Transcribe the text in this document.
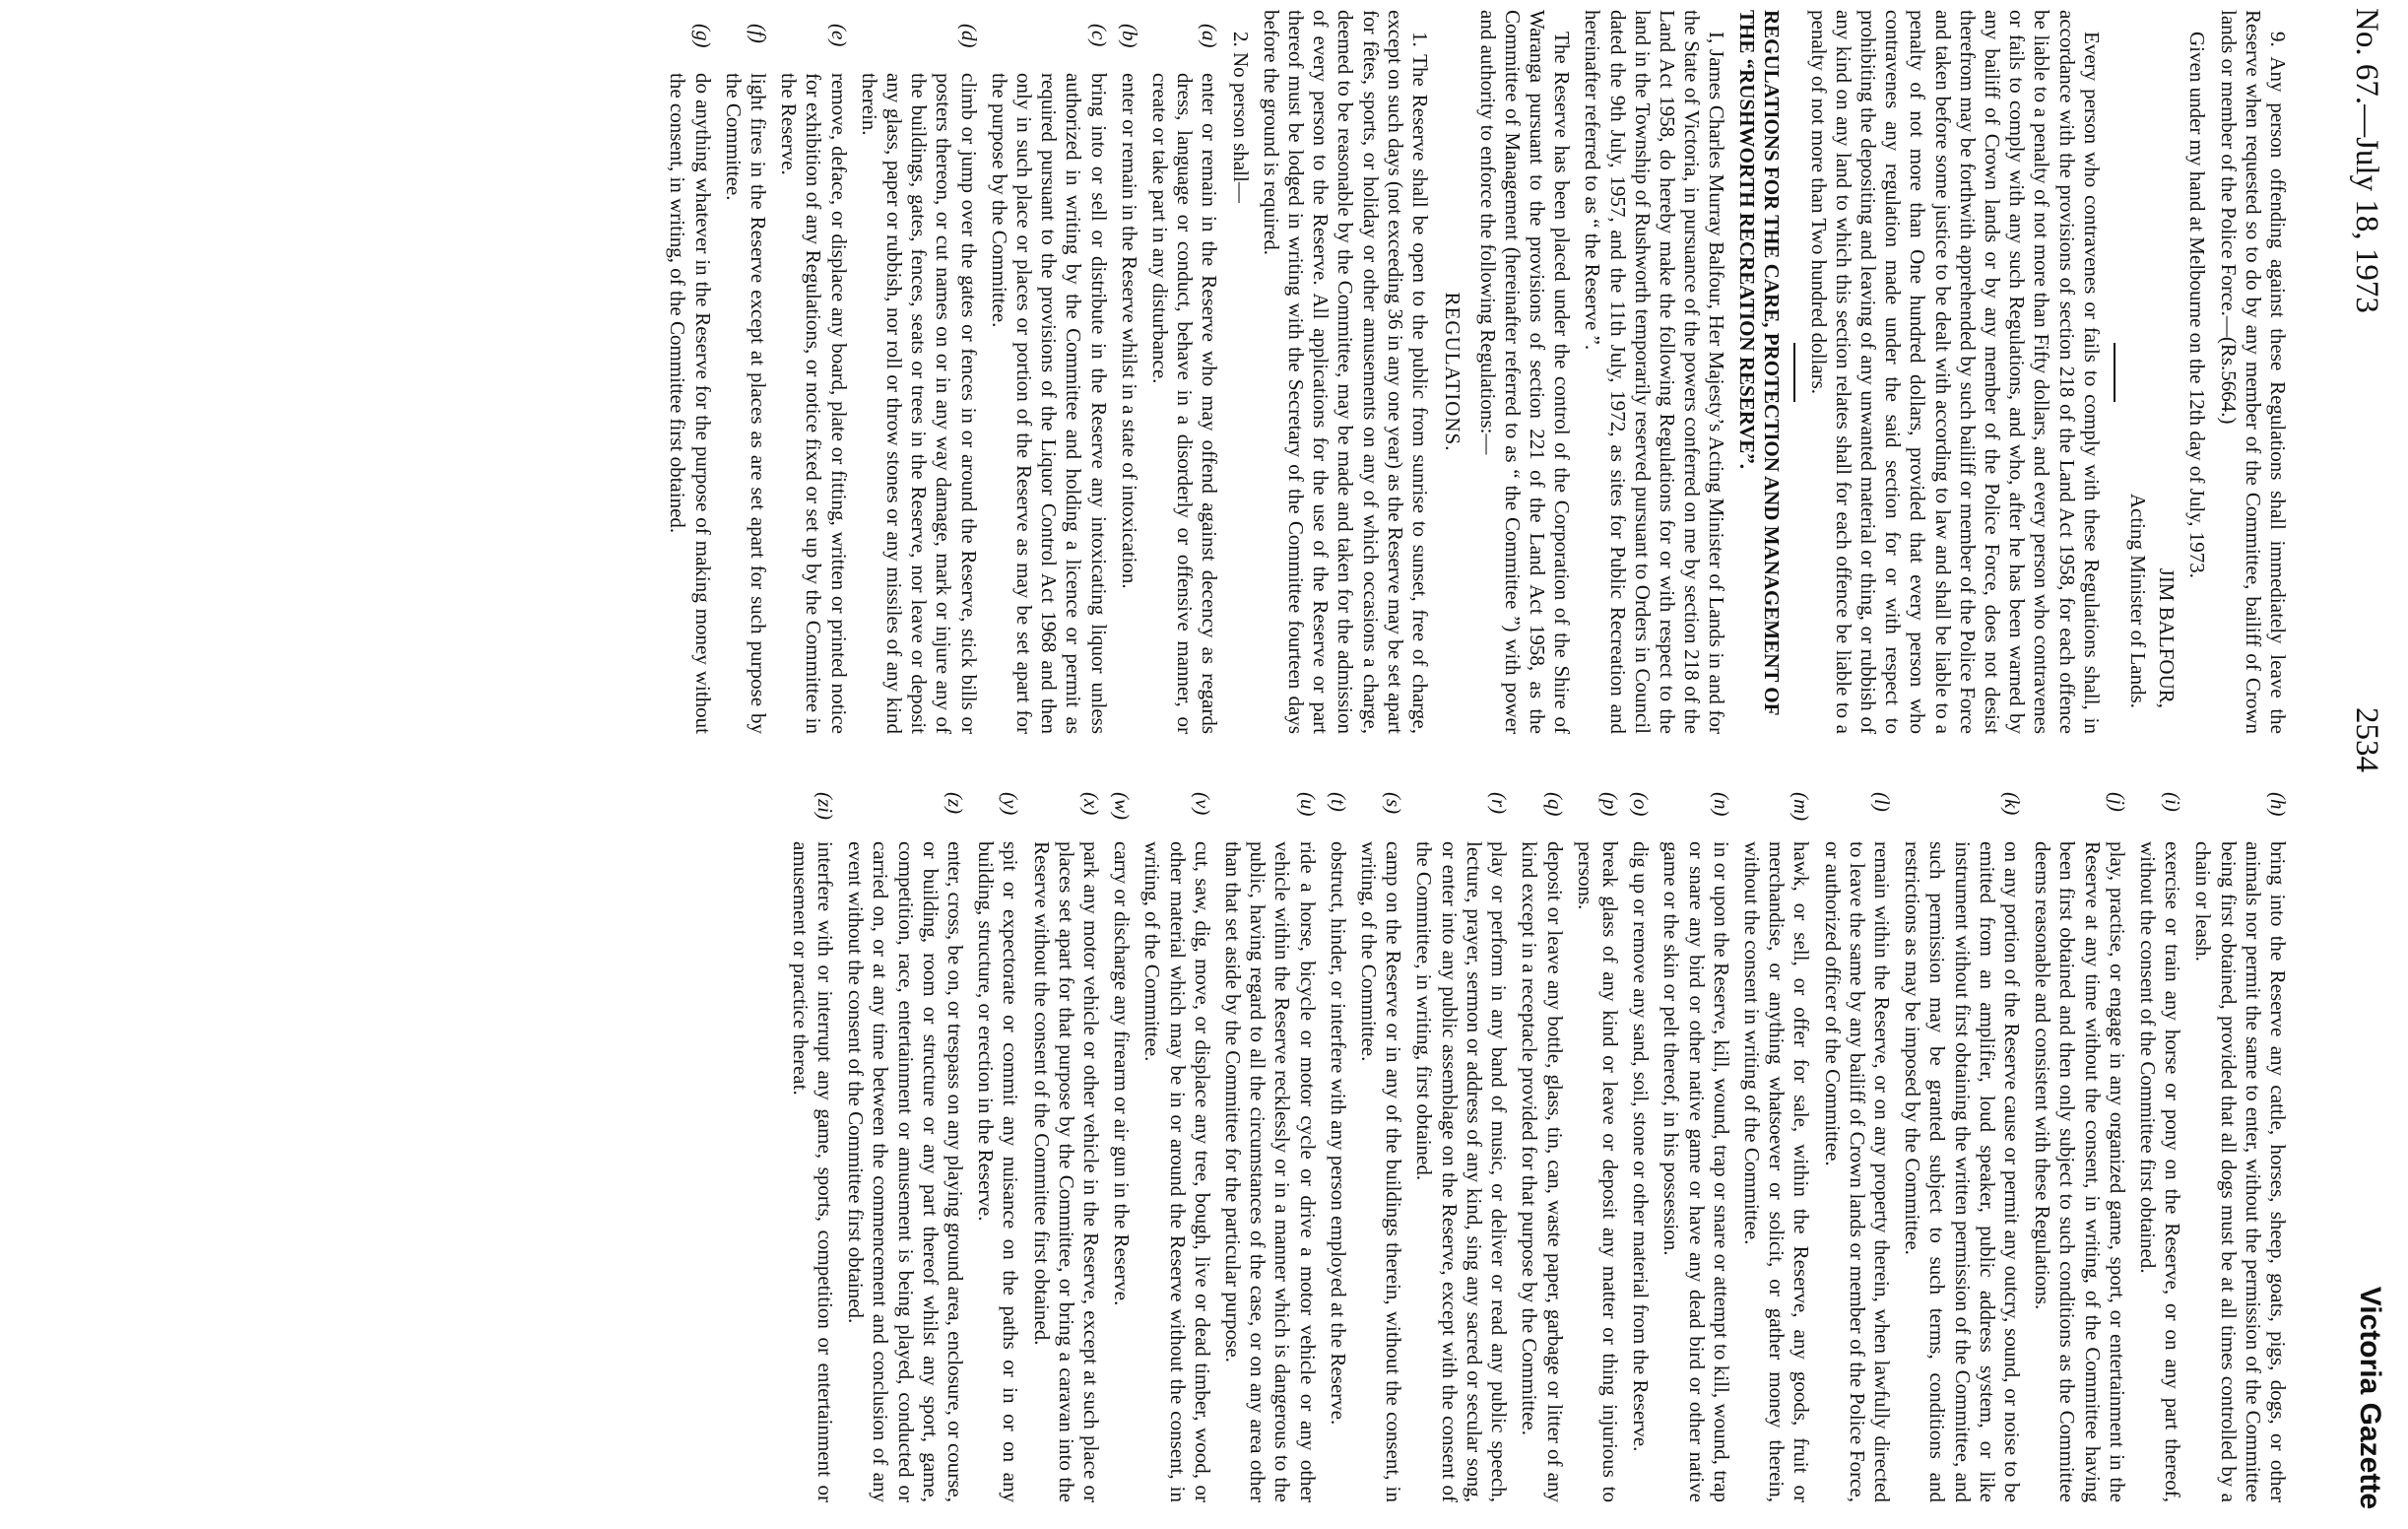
No. 67.—July 18, 1973
2534
Victoria Gazette

9. Any person offending against these Regulations shall immediately leave the Reserve when requested so to do by any member of the Committee, bailiff of Crown lands or member of the Police Force.—(Rs.5664.)

Given under my hand at Melbourne on the 12th day of July, 1973.

JIM BALFOUR,

Acting Minister of Lands.

Every person who contravenes or fails to comply with these Regulations shall, in accordance with the provisions of section 218 of the Land Act 1958, for each offence be liable to a penalty of not more than Fifty dollars, and every person who contravenes or fails to comply with any such Regulations, and who, after he has been warned by any bailiff of Crown lands or by any member of the Police Force, does not desist therefrom may be forthwith apprehended by such bailiff or member of the Police Force and taken before some justice to be dealt with according to law and shall be liable to a penalty of not more than One hundred dollars, provided that every person who contravenes any regulation made under the said section for or with respect to prohibiting the depositing and leaving of any unwanted material or thing, or rubbish of any kind on any land to which this section relates shall for each offence be liable to a penalty of not more than Two hundred dollars.

REGULATIONS FOR THE CARE, PROTECTION AND MANAGEMENT OF THE “RUSHWORTH RECREATION RESERVE”.

I, James Charles Murray Balfour, Her Majesty’s Acting Minister of Lands in and for the State of Victoria, in pursuance of the powers conferred on me by section 218 of the Land Act 1958, do hereby make the following Regulations for or with respect to the land in the Township of Rushworth temporarily reserved pursuant to Orders in Council dated the 9th July, 1957, and the 11th July, 1972, as sites for Public Recreation and hereinafter referred to as “ the Reserve ”.

The Reserve has been placed under the control of the Corporation of the Shire of Waranga pursuant to the provisions of section 221 of the Land Act 1958, as the Committee of Management (hereinafter referred to as “ the Committee ”) with power and authority to enforce the following Regulations:—

REGULATIONS.

1. The Reserve shall be open to the public from sunrise to sunset, free of charge, except on such days (not exceeding 36 in any one year) as the Reserve may be set apart for fêtes, sports, or holiday or other amusements on any of which occasions a charge, deemed to be reasonable by the Committee, may be made and taken for the admission of every person to the Reserve. All applications for the use of the Reserve or part thereof must be lodged in writing with the Secretary of the Committee fourteen days before the ground is required.

2. No person shall—

(a)
enter or remain in the Reserve who may offend against decency as regards dress, language or conduct, behave in a disorderly or offensive manner, or create or take part in any disturbance.
(b)
enter or remain in the Reserve whilst in a state of intoxication.
(c)
bring into or sell or distribute in the Reserve any intoxicating liquor unless authorized in writing by the Committee and holding a licence or permit as required pursuant to the provisions of the Liquor Control Act 1968 and then only in such place or places or portion of the Reserve as may be set apart for the purpose by the Committee.
(d)
climb or jump over the gates or fences in or around the Reserve, stick bills or posters thereon, or cut names on or in any way damage, mark or injure any of the buildings, gates, fences, seats or trees in the Reserve, nor leave or deposit any glass, paper or rubbish, nor roll or throw stones or any missiles of any kind therein.
(e)
remove, deface, or displace any board, plate or fitting, written or printed notice for exhibition of any Regulations, or notice fixed or set up by the Committee in the Reserve.
(f)
light fires in the Reserve except at places as are set apart for such purpose by the Committee.
(g)
do anything whatever in the Reserve for the purpose of making money without the consent, in writing, of the Committee first obtained.
(h)
bring into the Reserve any cattle, horses, sheep, goats, pigs, dogs, or other animals nor permit the same to enter, without the permission of the Committee being first obtained, provided that all dogs must be at all times controlled by a chain or leash.
(i)
exercise or train any horse or pony on the Reserve, or on any part thereof, without the consent of the Committee first obtained.
(j)
play, practise, or engage in any organized game, sport, or entertainment in the Reserve at any time without the consent, in writing, of the Committee having been first obtained and then only subject to such conditions as the Committee deems reasonable and consistent with these Regulations.
(k)
on any portion of the Reserve cause or permit any outcry, sound, or noise to be emitted from an amplifier, loud speaker, public address system, or like instrument without first obtaining the written permission of the Committee, and such permission may be granted subject to such terms, conditions and restrictions as may be imposed by the Committee.
(l)
remain within the Reserve, or on any property therein, when lawfully directed to leave the same by any bailiff of Crown lands or member of the Police Force, or authorized officer of the Committee.
(m)
hawk, or sell, or offer for sale, within the Reserve, any goods, fruit or merchandise, or anything whatsoever or solicit, or gather money therein, without the consent in writing of the Committee.
(n)
in or upon the Reserve, kill, wound, trap or snare or attempt to kill, wound, trap or snare any bird or other native game or have any dead bird or other native game or the skin or pelt thereof, in his possession.
(o)
dig up or remove any sand, soil, stone or other material from the Reserve.
(p)
break glass of any kind or leave or deposit any matter or thing injurious to persons.
(q)
deposit or leave any bottle, glass, tin, can, waste paper, garbage or litter of any kind except in a receptacle provided for that purpose by the Committee.
(r)
play or perform in any band of music, or deliver or read any public speech, lecture, prayer, sermon or address of any kind, sing any sacred or secular song, or enter into any public assemblage on the Reserve, except with the consent of the Committee, in writing, first obtained.
(s)
camp on the Reserve or in any of the buildings therein, without the consent, in writing, of the Committee.
(t)
obstruct, hinder, or interfere with any person employed at the Reserve.
(u)
ride a horse, bicycle or motor cycle or drive a motor vehicle or any other vehicle within the Reserve recklessly or in a manner which is dangerous to the public, having regard to all the circumstances of the case, or on any area other than that set aside by the Committee for the particular purpose.
(v)
cut, saw, dig, move, or displace any tree, bough, live or dead timber, wood, or other material which may be in or around the Reserve without the consent, in writing, of the Committee.
(w)
carry or discharge any firearm or air gun in the Reserve.
(x)
park any motor vehicle or other vehicle in the Reserve, except at such place or places set apart for that purpose by the Committee, or bring a caravan into the Reserve without the consent of the Committee first obtained.
(y)
spit or expectorate or commit any nuisance on the paths or in or on any building, structure, or erection in the Reserve.
(z)
enter, cross, be on, or trespass on any playing ground area, enclosure, or course, or building, room or structure or any part thereof whilst any sport, game, competition, race, entertainment or amusement is being played, conducted or carried on, or at any time between the commencement and conclusion of any event without the consent of the Committee first obtained.
(zi)
interfere with or interrupt any game, sports, competition or entertainment or amusement or practice thereat.
